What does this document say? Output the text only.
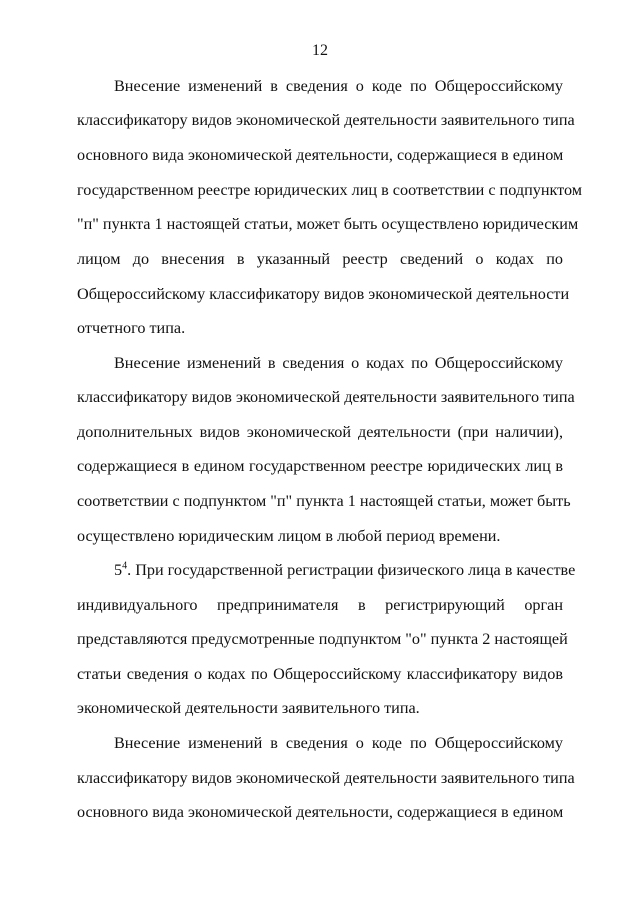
12
Внесение изменений в сведения о коде по Общероссийскому
классификатору видов экономической деятельности заявительного типа
основного вида экономической деятельности, содержащиеся в едином
государственном реестре юридических лиц в соответствии с подпунктом
"п" пункта 1 настоящей статьи, может быть осуществлено юридическим
лицом до внесения в указанный реестр сведений о кодах по
Общероссийскому классификатору видов экономической деятельности
отчетного типа.
Внесение изменений в сведения о кодах по Общероссийскому
классификатору видов экономической деятельности заявительного типа
дополнительных видов экономической деятельности (при наличии),
содержащиеся в едином государственном реестре юридических лиц в
соответствии с подпунктом "п" пункта 1 настоящей статьи, может быть
осуществлено юридическим лицом в любой период времени.
$5^4$. При государственной регистрации физического лица в качестве
индивидуального предпринимателя в регистрирующий орган
представляются предусмотренные подпунктом "о" пункта 2 настоящей
статьи сведения о кодах по Общероссийскому классификатору видов
экономической деятельности заявительного типа.
Внесение изменений в сведения о коде по Общероссийскому
классификатору видов экономической деятельности заявительного типа
основного вида экономической деятельности, содержащиеся в едином
